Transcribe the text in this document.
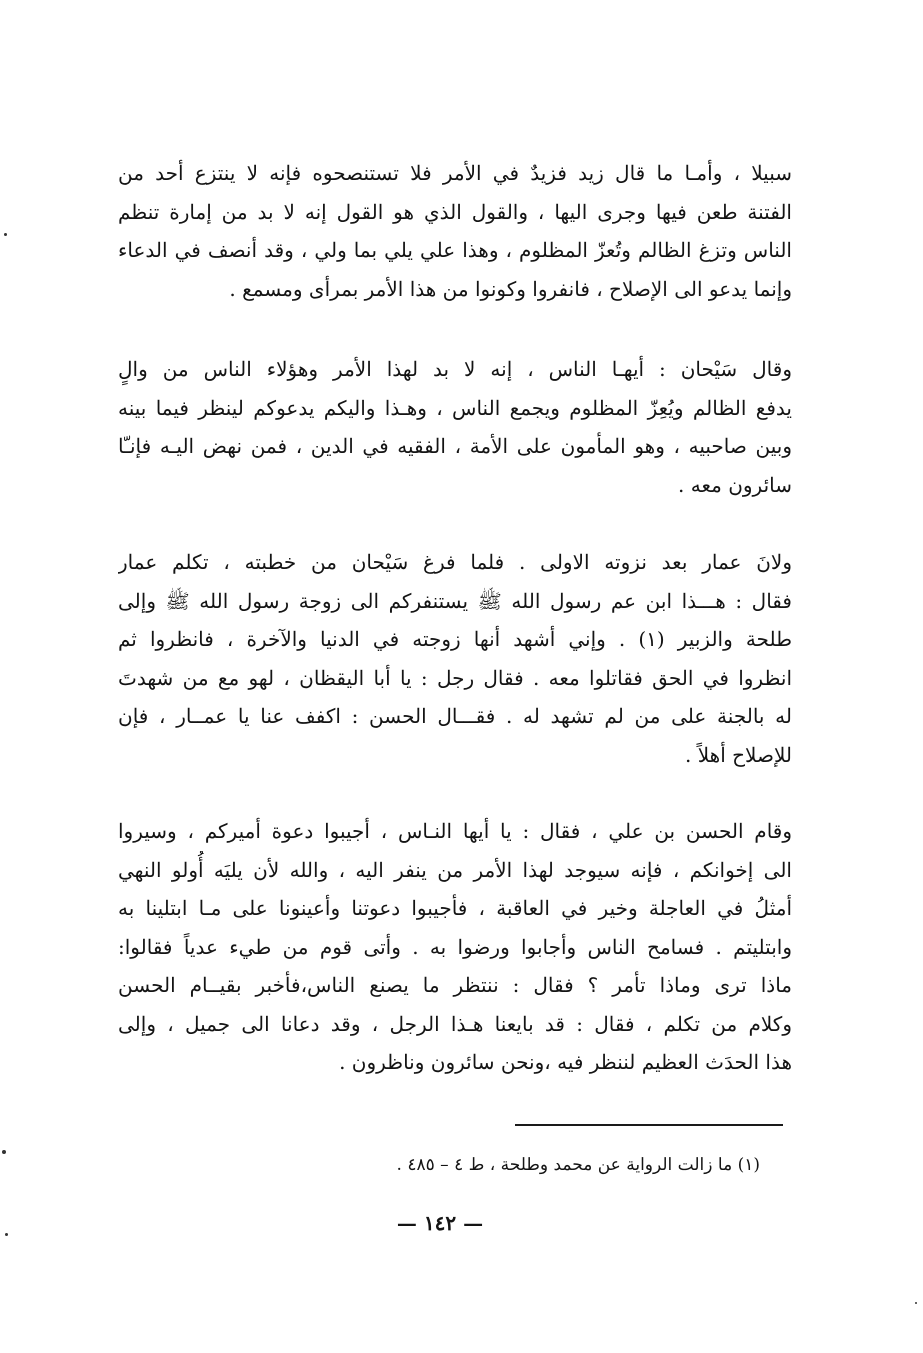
سبيلا ، وأمـا ما قال زيد فزيدٌ في الأمر فلا تستنصحوه فإنه لا ينتزع أحد من
الفتنة طعن فيها وجرى اليها ، والقول الذي هو القول إنه لا بد من إمارة تنظم
الناس وتزغ الظالم وتُعزّ المظلوم ، وهذا علي يلي بما ولي ، وقد أنصف في الدعاء
وإنما يدعو الى الإصلاح ، فانفروا وكونوا من هذا الأمر بمرأى ومسمع .
وقال سَيْحان : أيهـا الناس ، إنه لا بد لهذا الأمر وهؤلاء الناس من والٍ
يدفع الظالم ويُعِزّ المظلوم ويجمع الناس ، وهـذا واليكم يدعوكم لينظر فيما بينه
وبين صاحبيه ، وهو المأمون على الأمة ، الفقيه في الدين ، فمن نهض اليـه فإنـّا
سائرون معه .
ولانَ عمار بعد نزوته الاولى . فلما فرغ سَيْحان من خطبته ، تكلم عمار
فقال : هـــذا ابن عم رسول الله ﷺ يستنفركم الى زوجة رسول الله ﷺ وإلى
طلحة والزبير (١) . وإني أشهد أنها زوجته في الدنيا والآخرة ، فانظروا ثم
انظروا في الحق فقاتلوا معه . فقال رجل : يا أبا اليقظان ، لهو مع من شهدتَ
له بالجنة على من لم تشهد له . فقـــال الحسن : اكفف عنا يا عمــار ، فإن
للإصلاح أهلاً .
وقام الحسن بن علي ، فقال : يا أيها النـاس ، أجيبوا دعوة أميركم ، وسيروا
الى إخوانكم ، فإنه سيوجد لهذا الأمر من ينفر اليه ، والله لأن يليَه أُولو النهي
أمثلُ في العاجلة وخير في العاقبة ، فأجيبوا دعوتنا وأعينونا على مـا ابتلينا به
وابتليتم . فسامح الناس وأجابوا ورضوا به . وأتى قوم من طيء عدياً فقالوا:
ماذا ترى وماذا تأمر ؟ فقال : ننتظر ما يصنع الناس،فأخبر بقيــام الحسن
وكلام من تكلم ، فقال : قد بايعنا هـذا الرجل ، وقد دعانا الى جميل ، وإلى
هذا الحدَث العظيم لننظر فيه ،ونحن سائرون وناظرون .
(١) ما زالت الرواية عن محمد وطلحة ، ط ٤ – ٤٨٥ .
— ١٤٢ —
